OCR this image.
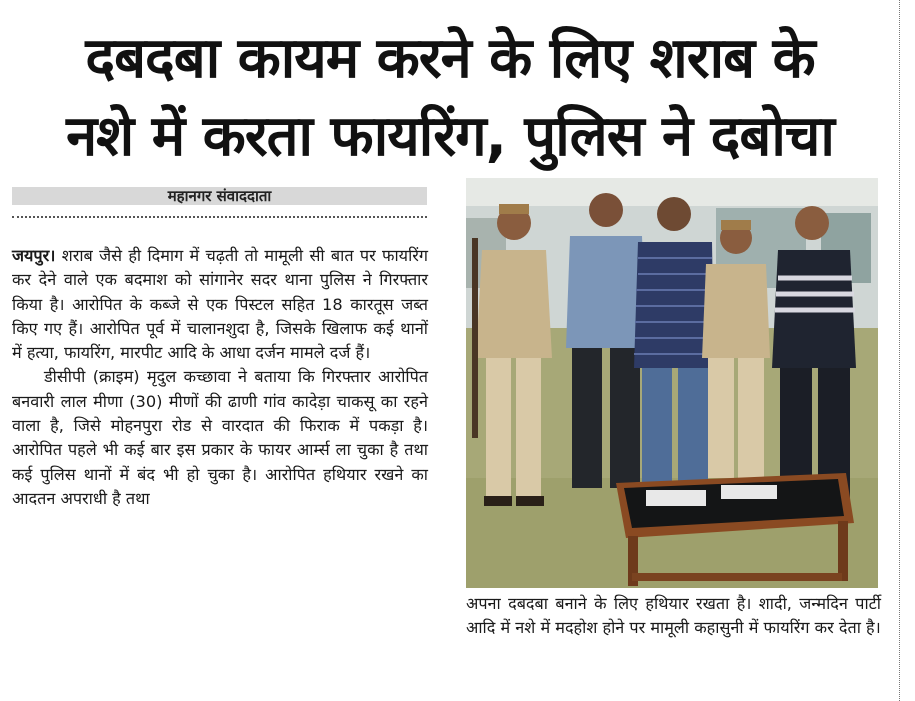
दबदबा कायम करने के लिए शराब के
नशे में करता फायरिंग, पुलिस ने दबोचा
महानगर संवाददाता

जयपुर। शराब जैसे ही दिमाग में चढ़ती तो मामूली सी बात पर फायरिंग कर देने वाले एक बदमाश को सांगानेर सदर थाना पुलिस ने गिरफ्तार किया है। आरोपित के कब्जे से एक पिस्टल सहित 18 कारतूस जब्त किए गए हैं। आरोपित पूर्व में चालानशुदा है, जिसके खिलाफ कई थानों में हत्या, फायरिंग, मारपीट आदि के आधा दर्जन मामले दर्ज हैं।

डीसीपी (क्राइम) मृदुल कच्छावा ने बताया कि गिरफ्तार आरोपित बनवारी लाल मीणा (30) मीणों की ढाणी गांव कादेड़ा चाकसू का रहने वाला है, जिसे मोहनपुरा रोड से वारदात की फिराक में पकड़ा है। आरोपित पहले भी कई बार इस प्रकार के फायर आर्म्स ला चुका है तथा कई पुलिस थानों में बंद भी हो चुका है। आरोपित हथियार रखने का आदतन अपराधी है तथा

अपना दबदबा बनाने के लिए हथियार रखता है। शादी, जन्मदिन पार्टी आदि में नशे में मदहोश होने पर मामूली कहासुनी में फायरिंग कर देता है।
